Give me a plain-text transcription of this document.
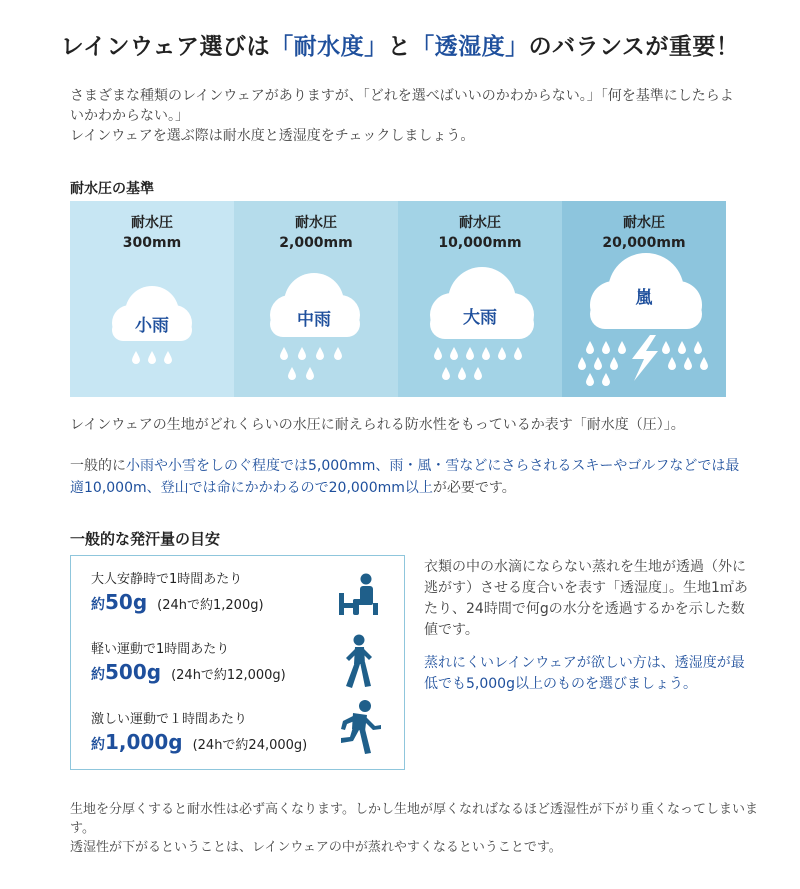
レインウェア選びは「耐水度」と「透湿度」のバランスが重要！

さまざまな種類のレインウェアがありますが、「どれを選べばいいのかわからない。」「何を基準にしたらよいかわからない。」

レインウェアを選ぶ際は耐水度と透湿度をチェックしましょう。

耐水圧の基準
耐水圧
300mm
小雨
耐水圧
2,000mm
中雨
耐水圧
10,000mm
大雨
耐水圧
20,000mm
嵐
レインウェアの生地がどれくらいの水圧に耐えられる防水性をもっているか表す「耐水度（圧）」。
一般的に小雨や小雪をしのぐ程度では5,000mm、雨・風・雪などにさらされるスキーやゴルフなどでは最適10,000m、登山では命にかかわるので20,000mm以上が必要です。
一般的な発汗量の目安
大人安静時で1時間あたり
約50g (24hで約1,200g)
軽い運動で1時間あたり
約500g (24hで約12,000g)
激しい運動で１時間あたり
約1,000g (24hで約24,000g)

衣類の中の水滴にならない蒸れを生地が透過（外に逃がす）させる度合いを表す「透湿度」。生地1㎡あたり、24時間で何gの水分を透過するかを示した数値です。

蒸れにくいレインウェアが欲しい方は、透湿度が最低でも5,000g以上のものを選びましょう。

生地を分厚くすると耐水性は必ず高くなります。しかし生地が厚くなればなるほど透湿性が下がり重くなってしまいます。

透湿性が下がるということは、レインウェアの中が蒸れやすくなるということです。
